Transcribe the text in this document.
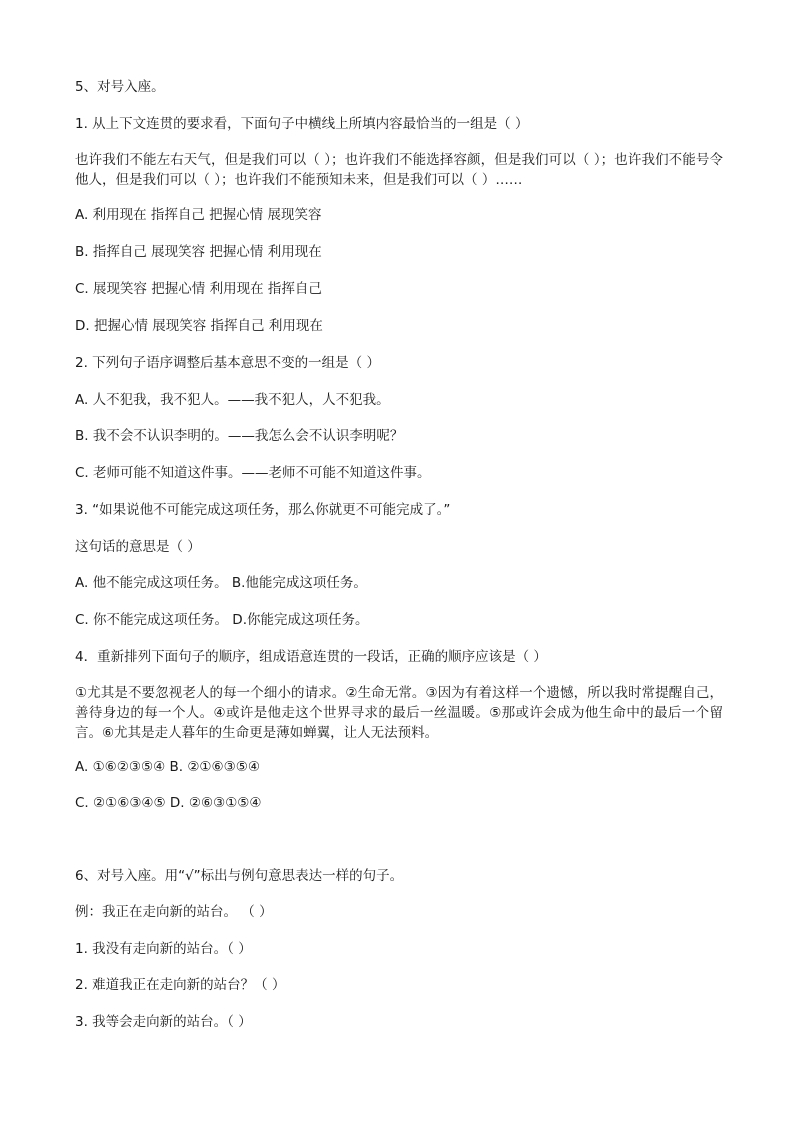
5、对号入座。
1. 从上下文连贯的要求看，下面句子中横线上所填内容最恰当的一组是（ ）
也许我们不能左右天气，但是我们可以（ ）；也许我们不能选择容颜，但是我们可以（ ）；也许我们不能号令他人，但是我们可以（ ）；也许我们不能预知未来，但是我们可以（ ）……
A. 利用现在 指挥自己 把握心情 展现笑容
B. 指挥自己 展现笑容 把握心情 利用现在
C. 展现笑容 把握心情 利用现在 指挥自己
D. 把握心情 展现笑容 指挥自己 利用现在
2. 下列句子语序调整后基本意思不变的一组是（ ）
A. 人不犯我，我不犯人。——我不犯人，人不犯我。
B. 我不会不认识李明的。——我怎么会不认识李明呢？
C. 老师可能不知道这件事。——老师不可能不知道这件事。
3. “如果说他不可能完成这项任务，那么你就更不可能完成了。”
这句话的意思是（ ）
A. 他不能完成这项任务。 B.他能完成这项任务。
C. 你不能完成这项任务。 D.你能完成这项任务。
4．重新排列下面句子的顺序，组成语意连贯的一段话，正确的顺序应该是（ ）
①尤其是不要忽视老人的每一个细小的请求。②生命无常。③因为有着这样一个遗憾，所以我时常提醒自己，善待身边的每一个人。④或许是他走这个世界寻求的最后一丝温暖。⑤那或许会成为他生命中的最后一个留言。⑥尤其是走人暮年的生命更是薄如蝉翼，让人无法预料。
A. ①⑥②③⑤④ B. ②①⑥③⑤④
C. ②①⑥③④⑤ D. ②⑥③①⑤④
6、对号入座。用“√”标出与例句意思表达一样的句子。
例：我正在走向新的站台。 （ ）
1. 我没有走向新的站台。（ ）
2. 难道我正在走向新的站台？（ ）
3. 我等会走向新的站台。（ ）
